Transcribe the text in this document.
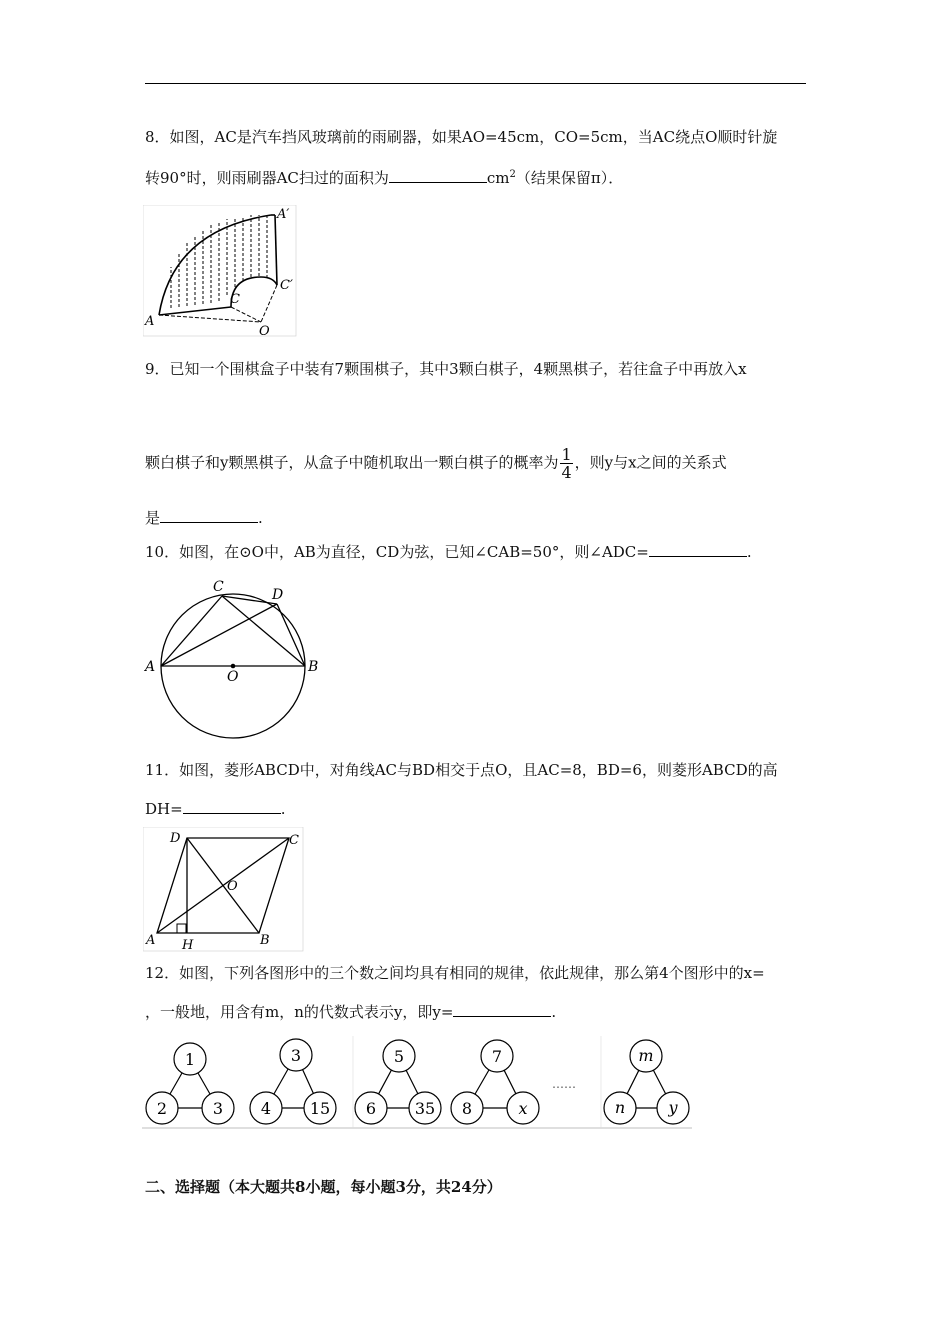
8．如图，AC是汽车挡风玻璃前的雨刷器，如果AO=45cm，CO=5cm，当AC绕点O顺时针旋
转90°时，则雨刷器AC扫过的面积为	$cm^2$（结果保留π）．
A
O
C
A′
C′
9．已知一个围棋盒子中装有7颗围棋子，其中3颗白棋子，4颗黑棋子，若往盒子中再放入x
颗白棋子和y颗黑棋子，从盒子中随机取出一颗白棋子的概率为 $\frac{1}{4}$ ，则y与x之间的关系式
是	.
10．如图，在⊙O中，AB为直径，CD为弦，已知∠CAB=50°，则∠ADC=	.
A	B
C	D
O
11．如图，菱形ABCD中，对角线AC与BD相交于点O，且AC=8，BD=6，则菱形ABCD的高
DH=	.
A	B
C
D
O
H
12．如图，下列各图形中的三个数之间均具有相同的规律，依此规律，那么第4个图形中的x=
，一般地，用含有m，n的代数式表示y，即y=	.
1
2	3
3
4 15
5
6 35
7
8	x
……
m
n	y
二、选择题（本大题共8小题，每小题3分，共24分）
